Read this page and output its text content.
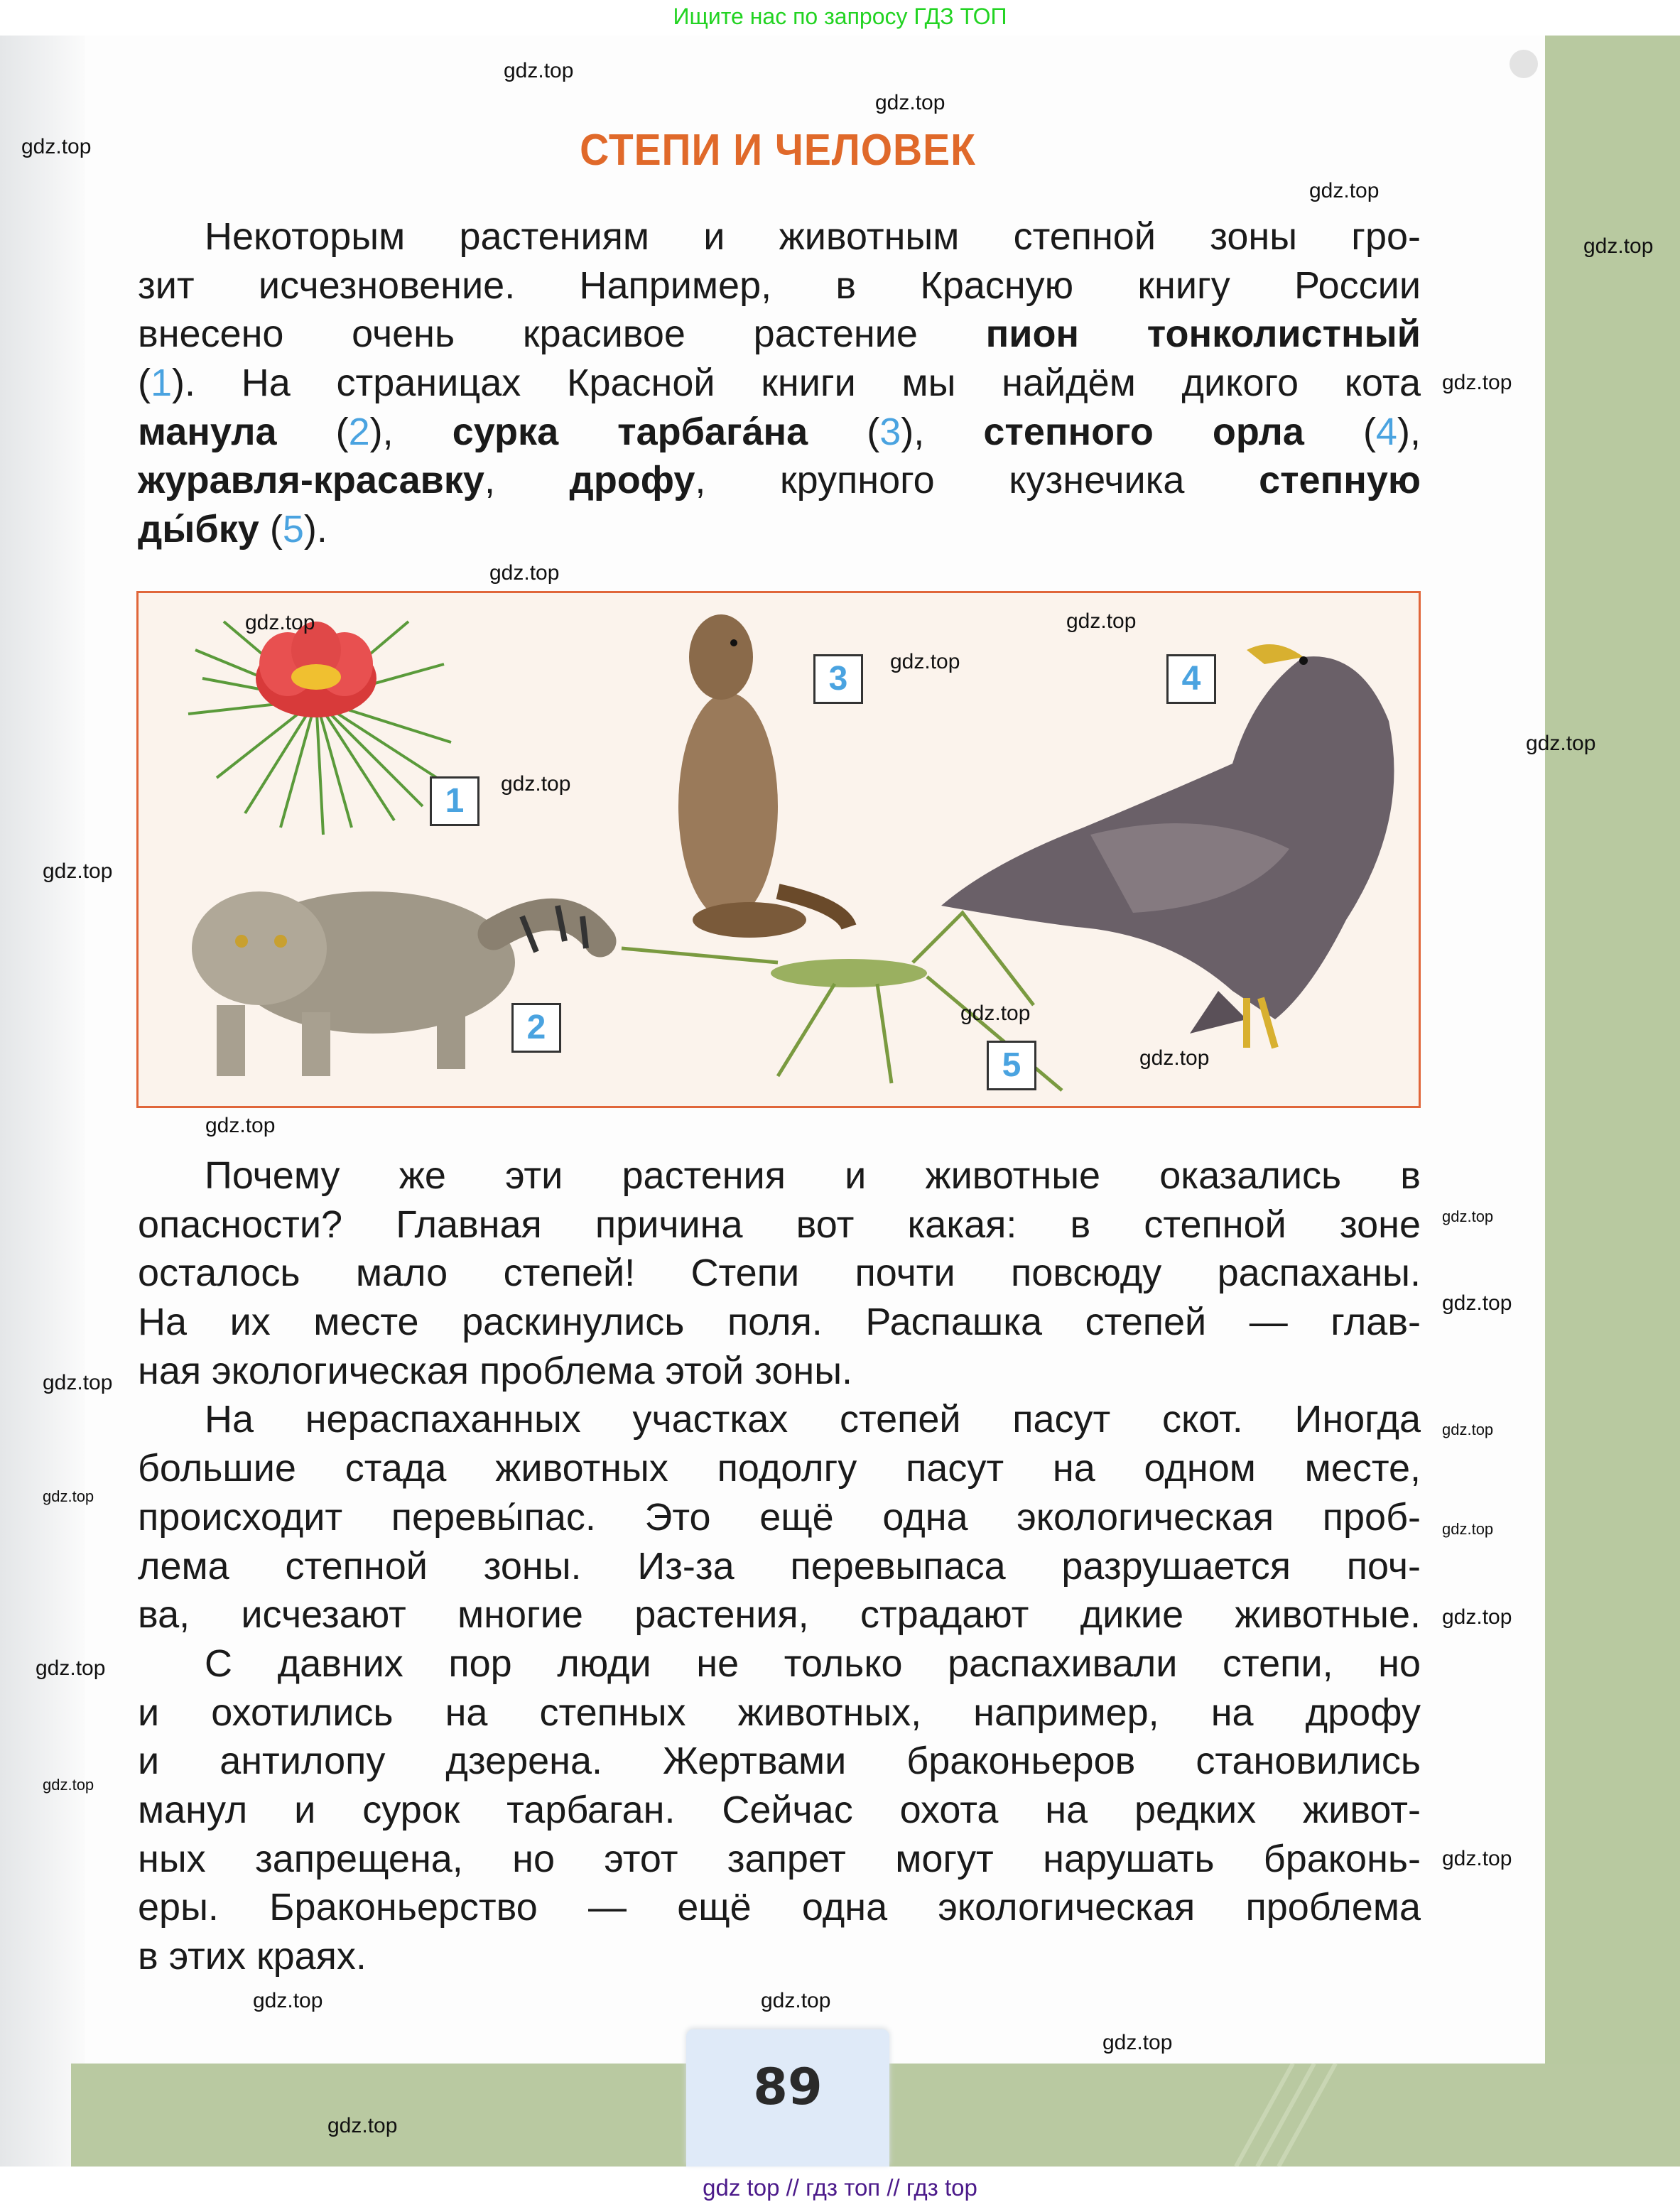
Ищите нас по запросу ГДЗ ТОП
СТЕПИ И ЧЕЛОВЕК
Некоторым растениям и животным степной зоны гро-
зит исчезновение. Например, в Красную книгу России
внесено очень красивое растение пион тонколистный
(1). На страницах Красной книги мы найдём дикого кота
манула (2), сурка тарбага́на (3), степного орла (4),
журавля-красавку, дрофу, крупного кузнечика степную
ды́бку (5).
1
2
3	4
5
Почему же эти растения и животные оказались в
опасности? Главная причина вот какая: в степной зоне
осталось мало степей! Степи почти повсюду распаханы.
На их месте раскинулись поля. Распашка степей — глав-
ная экологическая проблема этой зоны.
На нераспаханных участках степей пасут скот. Иногда
большие стада животных подолгу пасут на одном месте,
происходит перевы́пас. Это ещё одна экологическая проб-
лема степной зоны. Из-за перевыпаса разрушается поч-
ва, исчезают многие растения, страдают дикие животные.
С давних пор люди не только распахивали степи, но
и охотились на степных животных, например, на дрофу
и антилопу дзерена. Жертвами браконьеров становились
манул и сурок тарбаган. Сейчас охота на редких живот-
ных запрещена, но этот запрет могут нарушать браконь-
еры. Браконьерство — ещё одна экологическая проблема
в этих краях.
89
gdz top // гдз топ // гдз top
gdz.top
gdz.top
gdz.top
gdz.top
gdz.top
gdz.top
gdz.top
gdz.top	gdz.top
gdz.top
gdz.top
gdz.top
gdz.top
gdz.top
gdz.top
gdz.top
gdz.top
gdz.top
gdz.top
gdz.top
gdz.top
gdz.top
gdz.top
gdz.top
gdz.top
gdz.top
gdz.top
gdz.top
gdz.top
gdz.top
